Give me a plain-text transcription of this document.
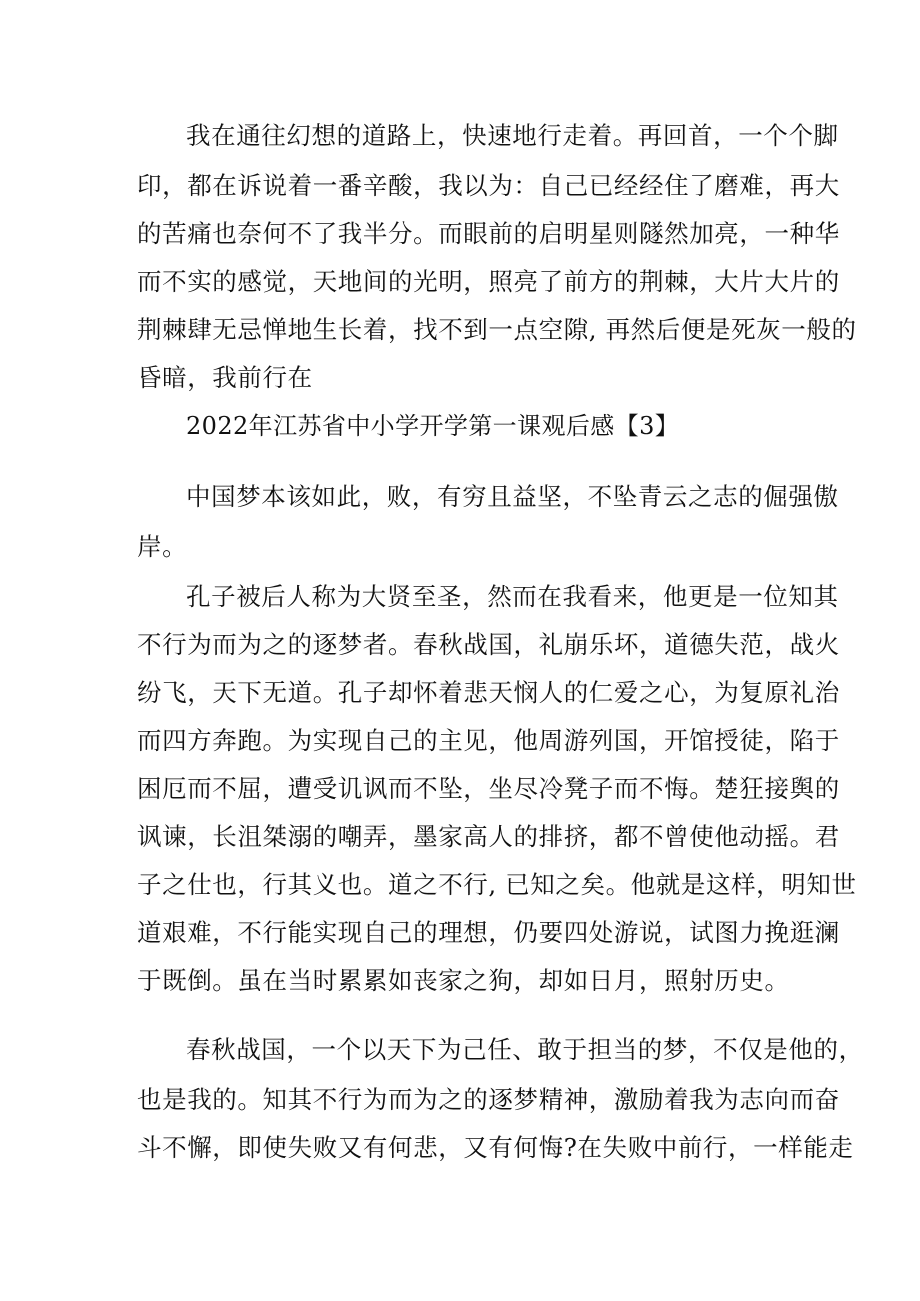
我在通往幻想的道路上，快速地行走着。再回首，一个个脚
印，都在诉说着一番辛酸，我以为：自己已经经住了磨难，再大
的苦痛也奈何不了我半分。而眼前的启明星则隧然加亮，一种华
而不实的感觉，天地间的光明，照亮了前方的荆棘，大片大片的
荆棘肆无忌惮地生长着，找不到一点空隙, 再然后便是死灰一般的
昏暗，我前行在
2022年江苏省中小学开学第一课观后感【3】
中国梦本该如此，败，有穷且益坚，不坠青云之志的倔强傲
岸。
孔子被后人称为大贤至圣，然而在我看来，他更是一位知其
不行为而为之的逐梦者。春秋战国，礼崩乐坏，道德失范，战火
纷飞，天下无道。孔子却怀着悲天悯人的仁爱之心，为复原礼治
而四方奔跑。为实现自己的主见，他周游列国，开馆授徒，陷于
困厄而不屈，遭受讥讽而不坠，坐尽冷凳子而不悔。楚狂接舆的
讽谏，长沮桀溺的嘲弄，墨家高人的排挤，都不曾使他动摇。君
子之仕也，行其义也。道之不行, 已知之矣。他就是这样，明知世
道艰难，不行能实现自己的理想，仍要四处游说，试图力挽逛澜
于既倒。虽在当时累累如丧家之狗，却如日月，照射历史。
春秋战国，一个以天下为己任、敢于担当的梦，不仅是他的，
也是我的。知其不行为而为之的逐梦精神，激励着我为志向而奋
斗不懈，即使失败又有何悲，又有何悔?在失败中前行，一样能走
